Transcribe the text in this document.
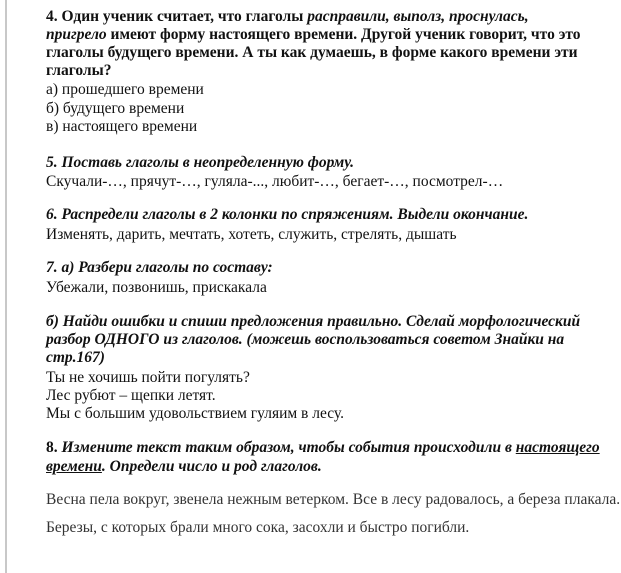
4. Один ученик считает, что глаголы расправили, выполз, проснулась,
пригрело имеют форму настоящего времени. Другой ученик говорит, что это
глаголы будущего времени. А ты как думаешь, в форме какого времени эти
глаголы?
а) прошедшего времени
б) будущего времени
в) настоящего времени
5. Поставь глаголы в неопределенную форму.
Скучали-…, прячут-…, гуляла-..., любит-…, бегает-…, посмотрел-…
6. Распредели глаголы в 2 колонки по спряжениям. Выдели окончание.
Изменять, дарить, мечтать, хотеть, служить, стрелять, дышать
7. а) Разбери глаголы по составу:
Убежали, позвонишь, прискакала
б) Найди ошибки и спиши предложения правильно. Сделай морфологический
разбор ОДНОГО из глаголов. (можешь воспользоваться советом Знайки на
стр.167)
Ты не хочишь пойти погулять?
Лес рубют – щепки летят.
Мы с большим удовольствием гуляим в лесу.
8. Измените текст таким образом, чтобы события происходили в настоящего
времени. Определи число и род глаголов.
Весна пела вокруг, звенела нежным ветерком. Все в лесу радовалось, а береза плакала.
Березы, с которых брали много сока, засохли и быстро погибли.
